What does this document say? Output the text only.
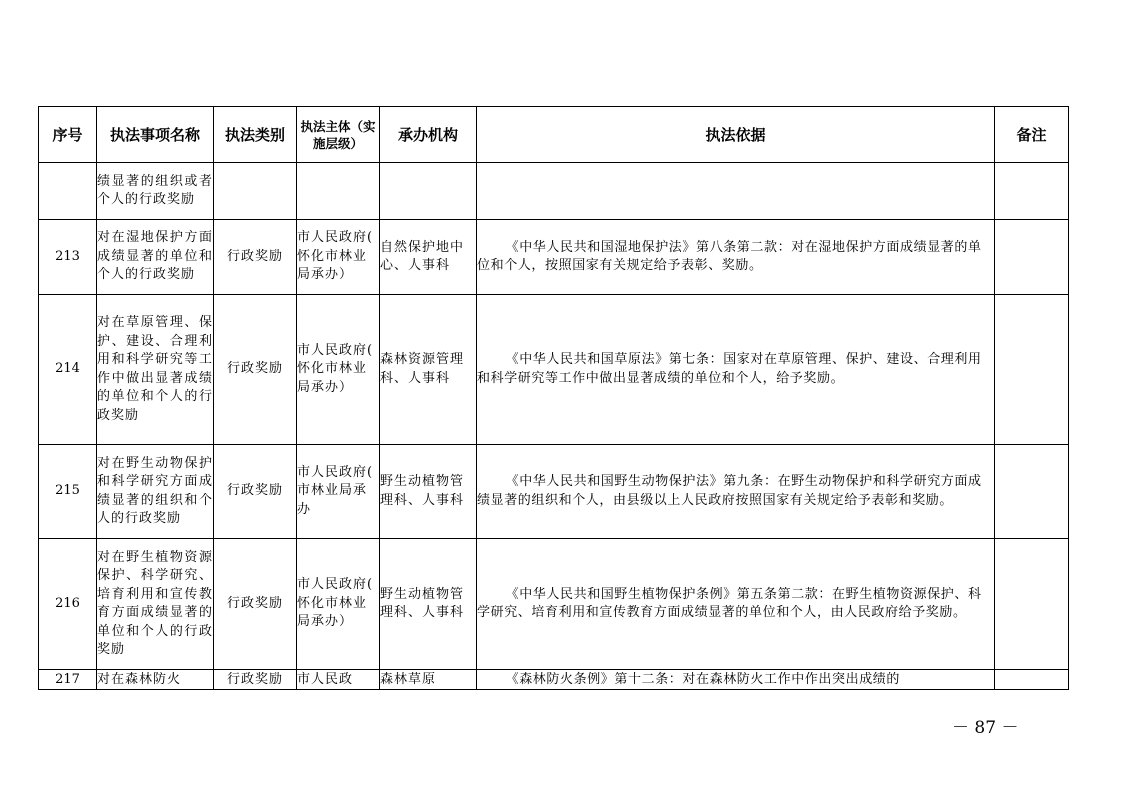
序号	执法事项名称	执法类别	执法主体（实施层级）	承办机构	执法依据	备注
	绩显著的组织或者个人的行政奖励				

213	对在湿地保护方面成绩显著的单位和个人的行政奖励	行政奖励	市人民政府( 怀化市林业局承办）	自然保护地中心、人事科	《中华人民共和国湿地保护法》第八条第二款：对在湿地保护方面成绩显著的单位和个人，按照国家有关规定给予表彰、奖励。	

214	对在草原管理、保护、建设、合理利用和科学研究等工作中做出显著成绩的单位和个人的行政奖励	行政奖励	市人民政府( 怀化市林业局承办）	森林资源管理科、人事科	《中华人民共和国草原法》第七条：国家对在草原管理、保护、建设、合理利用和科学研究等工作中做出显著成绩的单位和个人，给予奖励。	

215	对在野生动物保护和科学研究方面成绩显著的组织和个人的行政奖励	行政奖励	市人民政府( 市林业局承办	野生动植物管理科、人事科	《中华人民共和国野生动物保护法》第九条：在野生动物保护和科学研究方面成绩显著的组织和个人，由县级以上人民政府按照国家有关规定给予表彰和奖励。	

216	对在野生植物资源保护、科学研究、培育利用和宣传教育方面成绩显著的单位和个人的行政奖励	行政奖励	市人民政府( 怀化市林业局承办）	野生动植物管理科、人事科	《中华人民共和国野生植物保护条例》第五条第二款：在野生植物资源保护、科学研究、培育利用和宣传教育方面成绩显著的单位和个人，由人民政府给予奖励。	

217	对在森林防火	行政奖励	市人民政	森林草原	《森林防火条例》第十二条：对在森林防火工作中作出突出成绩的	

－ 87 －
